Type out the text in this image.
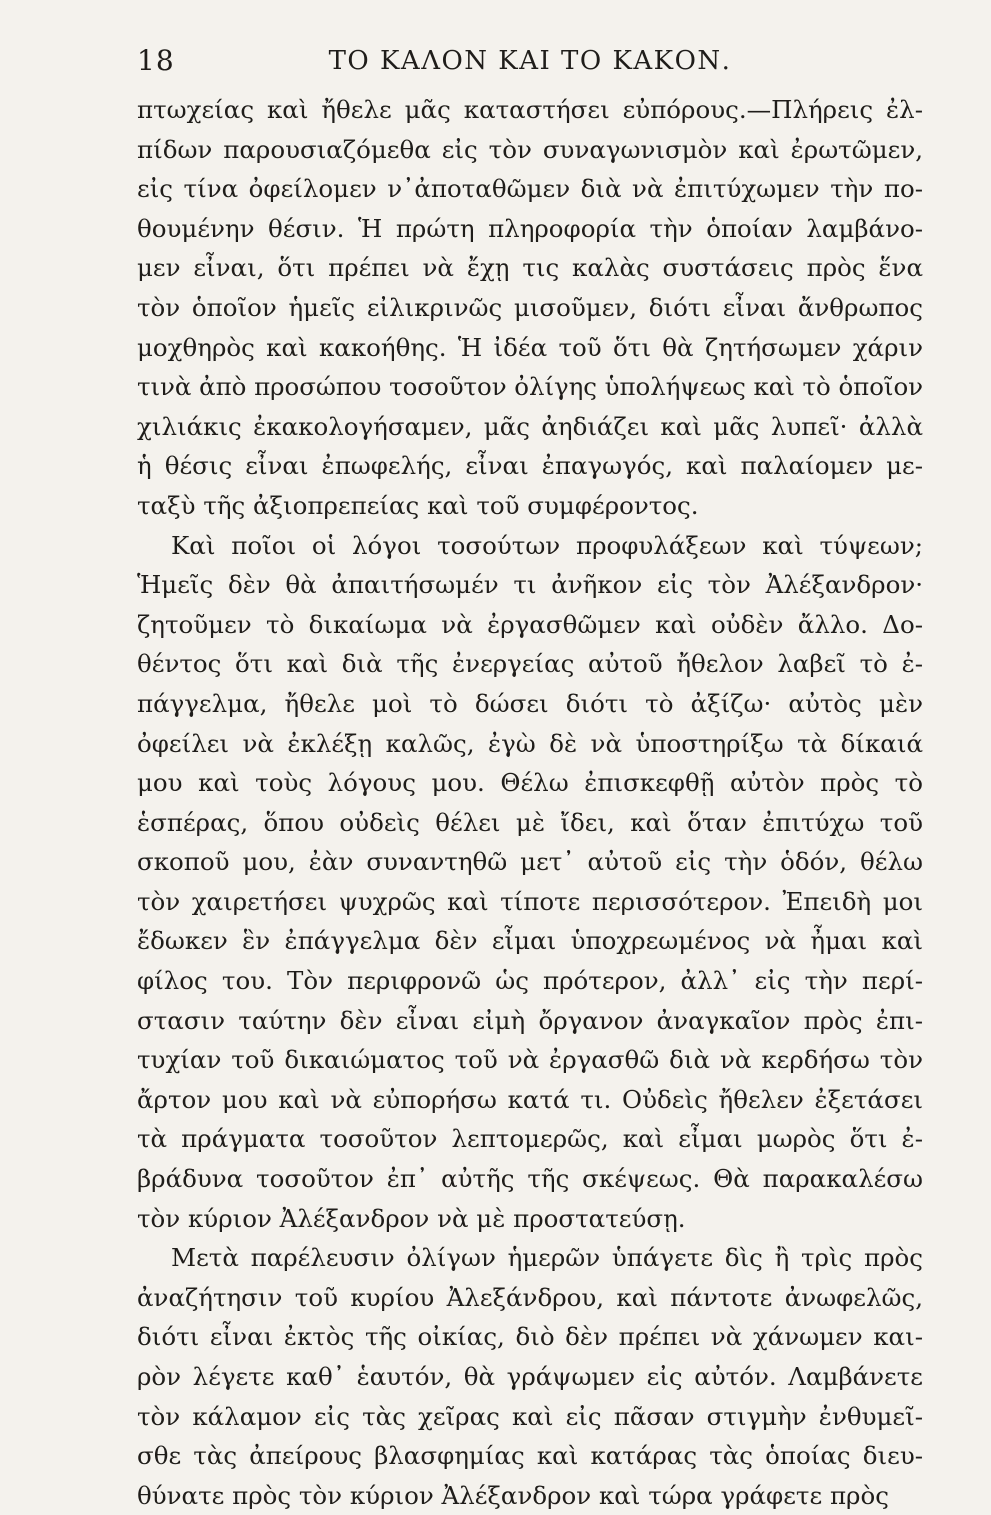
18	ΤΟ ΚΑΛΟΝ ΚΑΙ ΤΟ ΚΑΚΟΝ.

πτωχείας καὶ ἤθελε μᾶς καταστήσει εὐπόρους.—Πλήρεις ἐλ-
πίδων παρουσιαζόμεθα εἰς τὸν συναγωνισμὸν καὶ ἐρωτῶμεν,
εἰς τίνα ὀφείλομεν ν᾽ἀποταθῶμεν διὰ νὰ ἐπιτύχωμεν τὴν πο-
θουμένην θέσιν. Ἡ πρώτη πληροφορία τὴν ὁποίαν λαμβάνο-
μεν εἶναι, ὅτι πρέπει νὰ ἔχῃ τις καλὰς συστάσεις πρὸς ἕνα
τὸν ὁποῖον ἡμεῖς εἰλικρινῶς μισοῦμεν, διότι εἶναι ἄνθρωπος
μοχθηρὸς καὶ κακοήθης. Ἡ ἰδέα τοῦ ὅτι θὰ ζητήσωμεν χάριν
τινὰ ἀπὸ προσώπου τοσοῦτον ὀλίγης ὑπολήψεως καὶ τὸ ὁποῖον
χιλιάκις ἐκακολογήσαμεν, μᾶς ἀηδιάζει καὶ μᾶς λυπεῖ· ἀλλὰ
ἡ θέσις εἶναι ἐπωφελής, εἶναι ἐπαγωγός, καὶ παλαίομεν με-
ταξὺ τῆς ἀξιοπρεπείας καὶ τοῦ συμφέροντος.

Καὶ ποῖοι οἱ λόγοι τοσούτων προφυλάξεων καὶ τύψεων;
Ἡμεῖς δὲν θὰ ἀπαιτήσωμέν τι ἀνῆκον εἰς τὸν Ἀλέξανδρον·
ζητοῦμεν τὸ δικαίωμα νὰ ἐργασθῶμεν καὶ οὐδὲν ἄλλο. Δο-
θέντος ὅτι καὶ διὰ τῆς ἐνεργείας αὐτοῦ ἤθελον λαβεῖ τὸ ἐ-
πάγγελμα, ἤθελε μοὶ τὸ δώσει διότι τὸ ἀξίζω· αὐτὸς μὲν
ὀφείλει νὰ ἐκλέξῃ καλῶς, ἐγὼ δὲ νὰ ὑποστηρίξω τὰ δίκαιά
μου καὶ τοὺς λόγους μου. Θέλω ἐπισκεφθῇ αὐτὸν πρὸς τὸ
ἑσπέρας, ὅπου οὐδεὶς θέλει μὲ ἴδει, καὶ ὅταν ἐπιτύχω τοῦ
σκοποῦ μου, ἐὰν συναντηθῶ μετ᾽ αὐτοῦ εἰς τὴν ὁδόν, θέλω
τὸν χαιρετήσει ψυχρῶς καὶ τίποτε περισσότερον. Ἐπειδὴ μοι
ἔδωκεν ἓν ἐπάγγελμα δὲν εἶμαι ὑποχρεωμένος νὰ ἦμαι καὶ
φίλος του. Τὸν περιφρονῶ ὡς πρότερον, ἀλλ᾽ εἰς τὴν περί-
στασιν ταύτην δὲν εἶναι εἰμὴ ὄργανον ἀναγκαῖον πρὸς ἐπι-
τυχίαν τοῦ δικαιώματος τοῦ νὰ ἐργασθῶ διὰ νὰ κερδήσω τὸν
ἄρτον μου καὶ νὰ εὐπορήσω κατά τι. Οὐδεὶς ἤθελεν ἐξετάσει
τὰ πράγματα τοσοῦτον λεπτομερῶς, καὶ εἶμαι μωρὸς ὅτι ἐ-
βράδυνα τοσοῦτον ἐπ᾽ αὐτῆς τῆς σκέψεως. Θὰ παρακαλέσω
τὸν κύριον Ἀλέξανδρον νὰ μὲ προστατεύσῃ.

Μετὰ παρέλευσιν ὀλίγων ἡμερῶν ὑπάγετε δὶς ἢ τρὶς πρὸς
ἀναζήτησιν τοῦ κυρίου Ἀλεξάνδρου, καὶ πάντοτε ἀνωφελῶς,
διότι εἶναι ἐκτὸς τῆς οἰκίας, διὸ δὲν πρέπει νὰ χάνωμεν και-
ρὸν λέγετε καθ᾽ ἑαυτόν, θὰ γράψωμεν εἰς αὐτόν. Λαμβάνετε
τὸν κάλαμον εἰς τὰς χεῖρας καὶ εἰς πᾶσαν στιγμὴν ἐνθυμεῖ-
σθε τὰς ἀπείρους βλασφημίας καὶ κατάρας τὰς ὁποίας διευ-
θύνατε πρὸς τὸν κύριον Ἀλέξανδρον καὶ τώρα γράφετε πρὸς
